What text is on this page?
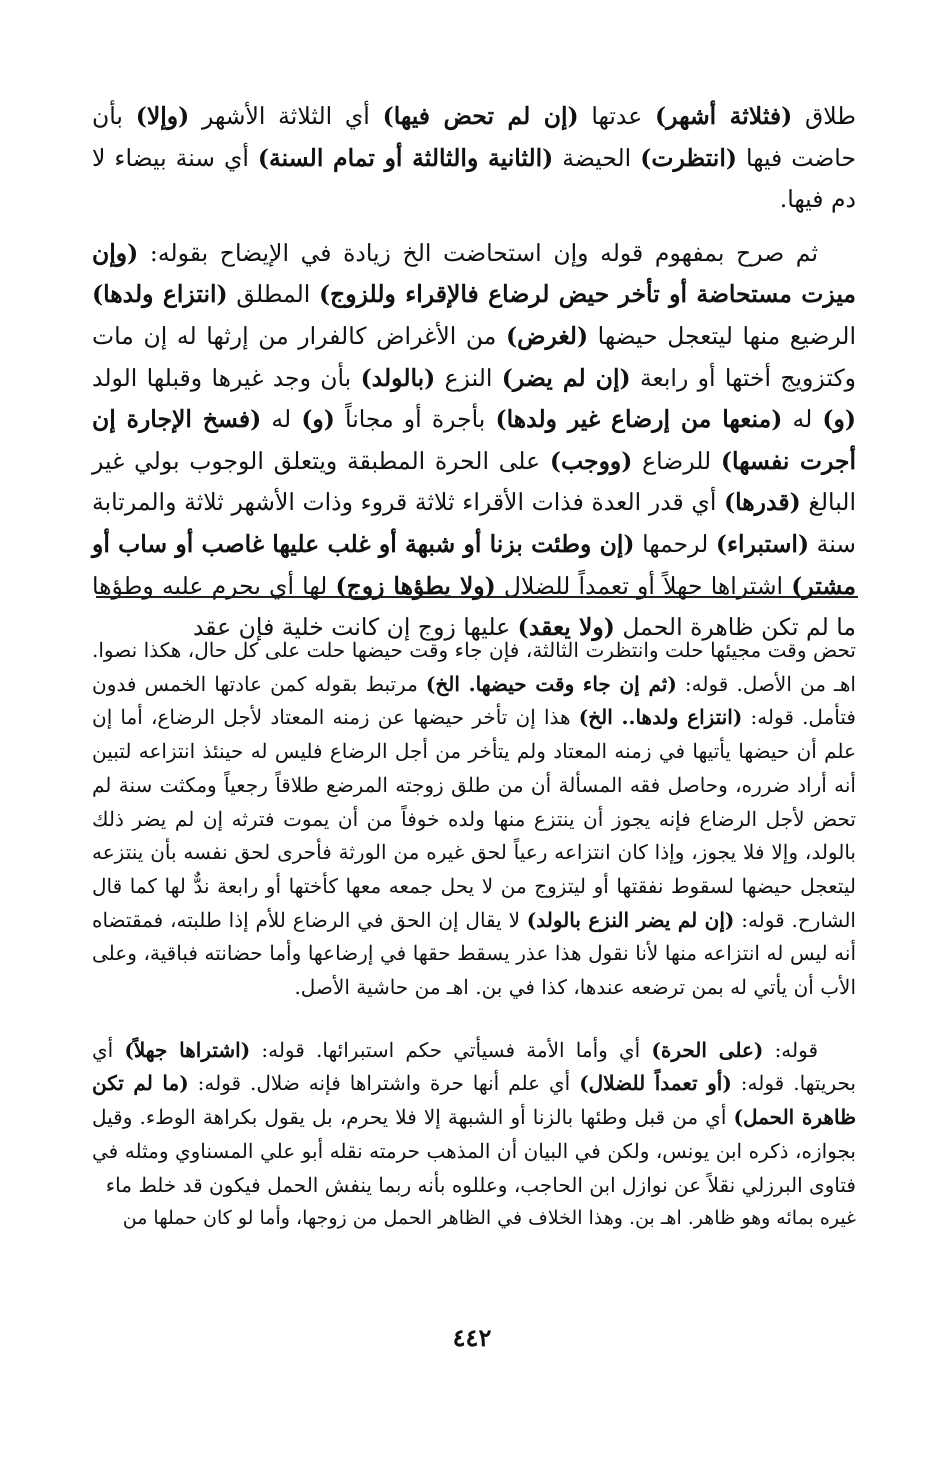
طلاق (فثلاثة أشهر) عدتها (إن لم تحض فيها) أي الثلاثة الأشهر (وإلا) بأن حاضت فيها (انتظرت) الحيضة (الثانية والثالثة أو تمام السنة) أي سنة بيضاء لا دم فيها.

ثم صرح بمفهوم قوله وإن استحاضت الخ زيادة في الإيضاح بقوله: (وإن ميزت مستحاضة أو تأخر حيض لرضاع فالإقراء وللزوج) المطلق (انتزاع ولدها) الرضيع منها ليتعجل حيضها (لغرض) من الأغراض كالفرار من إرثها له إن مات وكتزويج أختها أو رابعة (إن لم يضر) النزع (بالولد) بأن وجد غيرها وقبلها الولد (و) له (منعها من إرضاع غير ولدها) بأجرة أو مجاناً (و) له (فسخ الإجارة إن أجرت نفسها) للرضاع (ووجب) على الحرة المطبقة ويتعلق الوجوب بولي غير البالغ (قدرها) أي قدر العدة فذات الأقراء ثلاثة قروء وذات الأشهر ثلاثة والمرتابة سنة (استبراء) لرحمها (إن وطئت بزنا أو شبهة أو غلب عليها غاصب أو ساب أو مشتر) اشتراها جهلاً أو تعمداً للضلال (ولا يطؤها زوج) لها أي يحرم عليه وطؤها ما لم تكن ظاهرة الحمل (ولا يعقد) عليها زوج إن كانت خلية فإن عقد

تحض وقت مجيئها حلت وانتظرت الثالثة، فإن جاء وقت حيضها حلت على كل حال، هكذا نصوا. اهـ من الأصل. قوله: (ثم إن جاء وقت حيضها. الخ) مرتبط بقوله كمن عادتها الخمس فدون فتأمل. قوله: (انتزاع ولدها.. الخ) هذا إن تأخر حيضها عن زمنه المعتاد لأجل الرضاع، أما إن علم أن حيضها يأتيها في زمنه المعتاد ولم يتأخر من أجل الرضاع فليس له حينئذ انتزاعه لتبين أنه أراد ضرره، وحاصل فقه المسألة أن من طلق زوجته المرضع طلاقاً رجعياً ومكثت سنة لم تحض لأجل الرضاع فإنه يجوز أن ينتزع منها ولده خوفاً من أن يموت فترثه إن لم يضر ذلك بالولد، وإلا فلا يجوز، وإذا كان انتزاعه رعياً لحق غيره من الورثة فأحرى لحق نفسه بأن ينتزعه ليتعجل حيضها لسقوط نفقتها أو ليتزوج من لا يحل جمعه معها كأختها أو رابعة ندٌّ لها كما قال الشارح. قوله: (إن لم يضر النزع بالولد) لا يقال إن الحق في الرضاع للأم إذا طلبته، فمقتضاه أنه ليس له انتزاعه منها لأنا نقول هذا عذر يسقط حقها في إرضاعها وأما حضانته فباقية، وعلى الأب أن يأتي له بمن ترضعه عندها، كذا في بن. اهـ من حاشية الأصل.

قوله: (على الحرة) أي وأما الأمة فسيأتي حكم استبرائها. قوله: (اشتراها جهلاً) أي بحريتها. قوله: (أو تعمداً للضلال) أي علم أنها حرة واشتراها فإنه ضلال. قوله: (ما لم تكن ظاهرة الحمل) أي من قبل وطئها بالزنا أو الشبهة إلا فلا يحرم، بل يقول بكراهة الوطء. وقيل بجوازه، ذكره ابن يونس، ولكن في البيان أن المذهب حرمته نقله أبو علي المسناوي ومثله في فتاوى البرزلي نقلاً عن نوازل ابن الحاجب، وعللوه بأنه ربما ينفش الحمل فيكون قد خلط ماء

غيره بمائه وهو ظاهر. اهـ بن. وهذا الخلاف في الظاهر الحمل من زوجها، وأما لو كان حملها من

٤٤٢
